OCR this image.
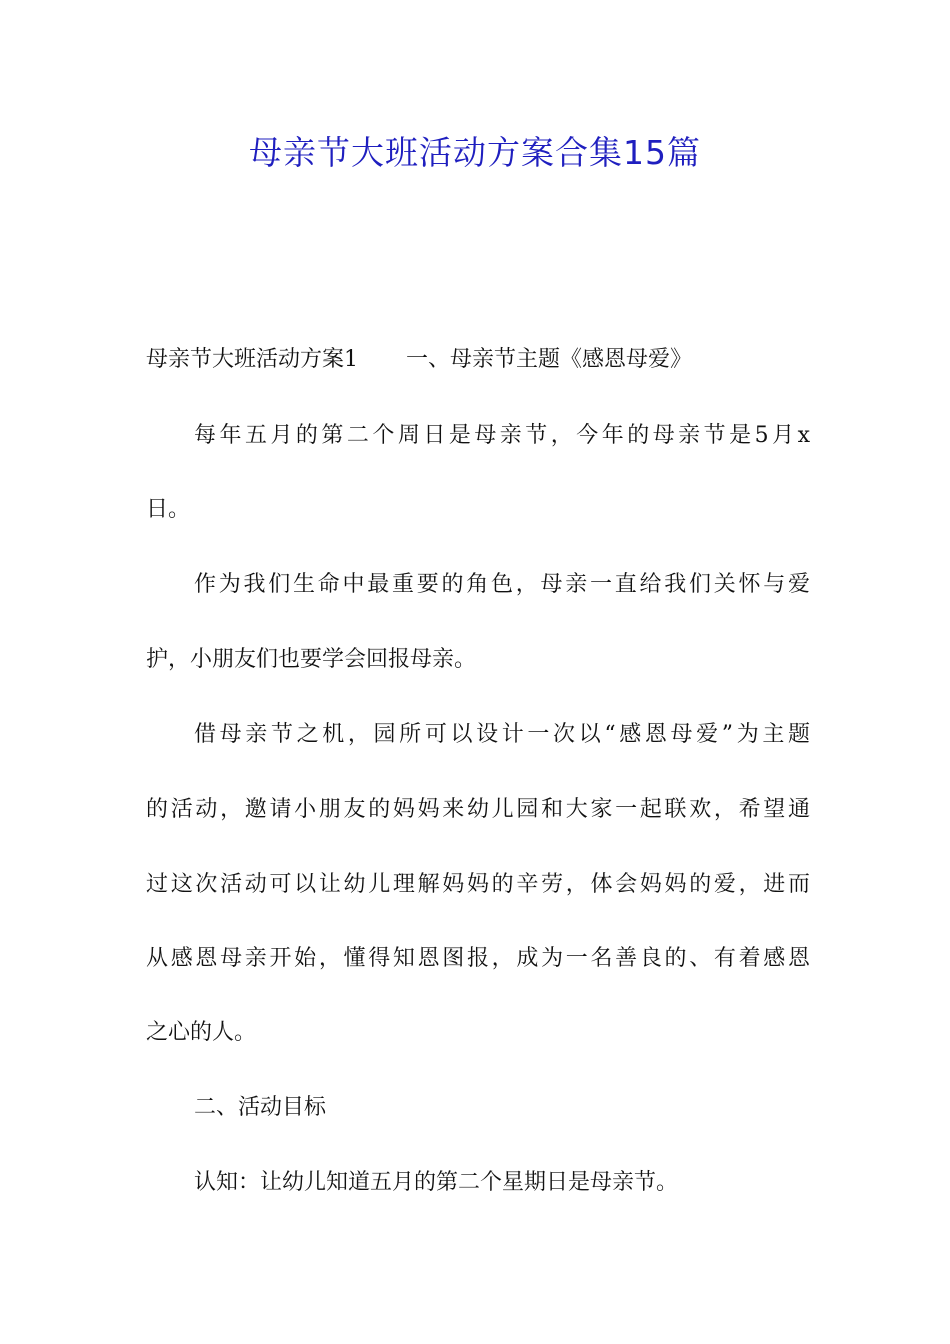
母亲节大班活动方案合集15篇

母亲节大班活动方案1 一、母亲节主题《感恩母爱》

每年五月的第二个周日是母亲节，今年的母亲节是5月x

日。

作为我们生命中最重要的角色，母亲一直给我们关怀与爱

护，小朋友们也要学会回报母亲。

借母亲节之机，园所可以设计一次以“感恩母爱”为主题

的活动，邀请小朋友的妈妈来幼儿园和大家一起联欢，希望通

过这次活动可以让幼儿理解妈妈的辛劳，体会妈妈的爱，进而

从感恩母亲开始，懂得知恩图报，成为一名善良的、有着感恩

之心的人。

二、活动目标

认知：让幼儿知道五月的第二个星期日是母亲节。
